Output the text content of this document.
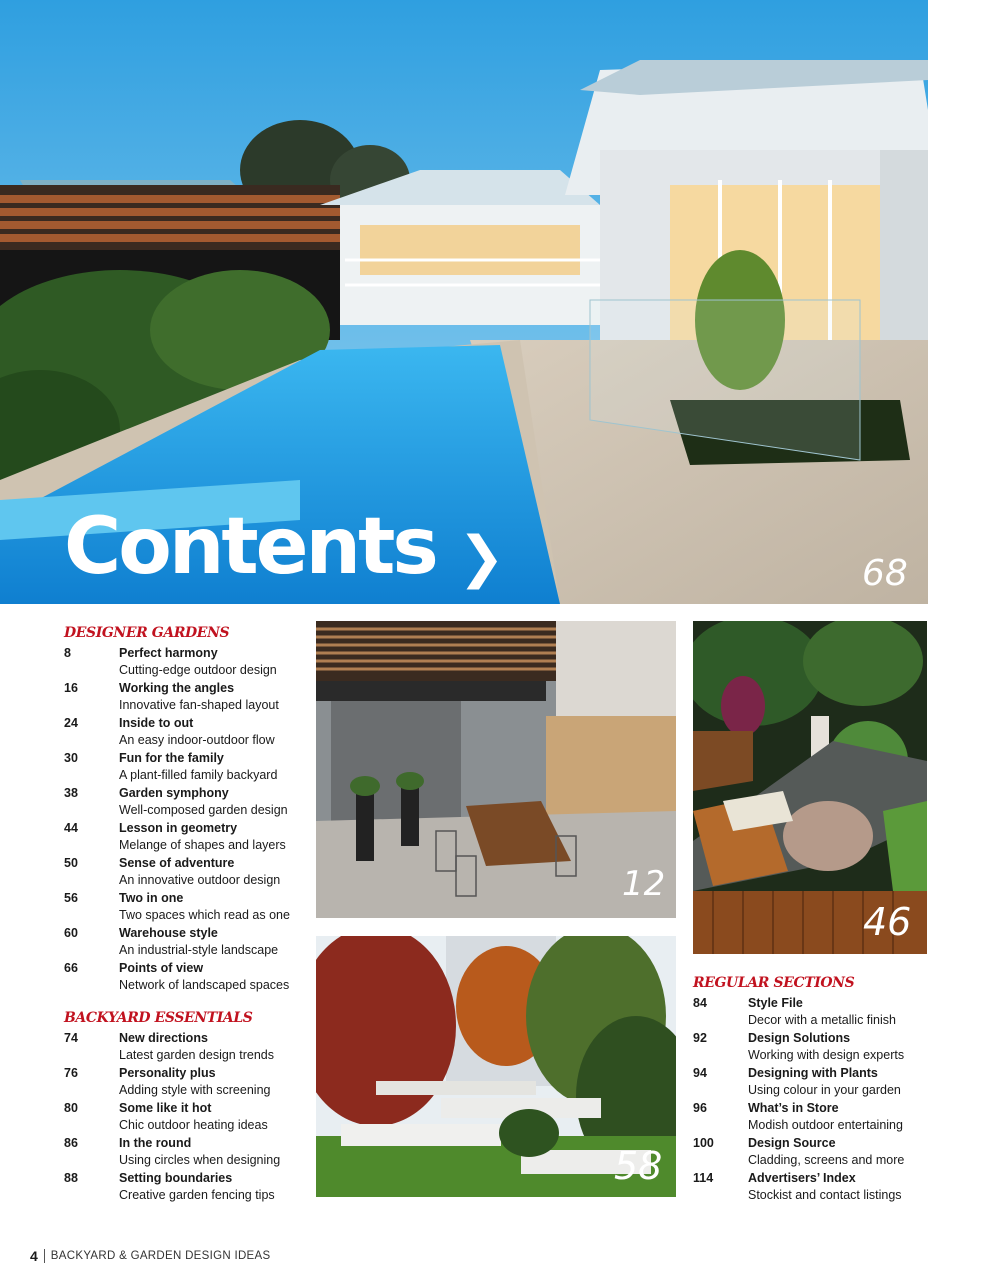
Contents ❯	68
DESIGNER GARDENS
8	Perfect harmony
Cutting-edge outdoor design
16	Working the angles
Innovative fan-shaped layout
24	Inside to out
An easy indoor-outdoor flow
30	Fun for the family
A plant-filled family backyard
38	Garden symphony
Well-composed garden design
44	Lesson in geometry
Melange of shapes and layers
50	Sense of adventure
An innovative outdoor design
56	Two in one
Two spaces which read as one
60	Warehouse style
An industrial-style landscape
66	Points of view
Network of landscaped spaces
BACKYARD ESSENTIALS
74	New directions
Latest garden design trends
76	Personality plus
Adding style with screening
80	Some like it hot
Chic outdoor heating ideas
86	In the round
Using circles when designing
88	Setting boundaries
Creative garden fencing tips
12
58
46
REGULAR SECTIONS
84	Style File
Decor with a metallic finish
92	Design Solutions
Working with design experts
94	Designing with Plants
Using colour in your garden
96	What’s in Store
Modish outdoor entertaining
100	Design Source
Cladding, screens and more
114	Advertisers’ Index
Stockist and contact listings
4 BACKYARD & GARDEN DESIGN IDEAS
